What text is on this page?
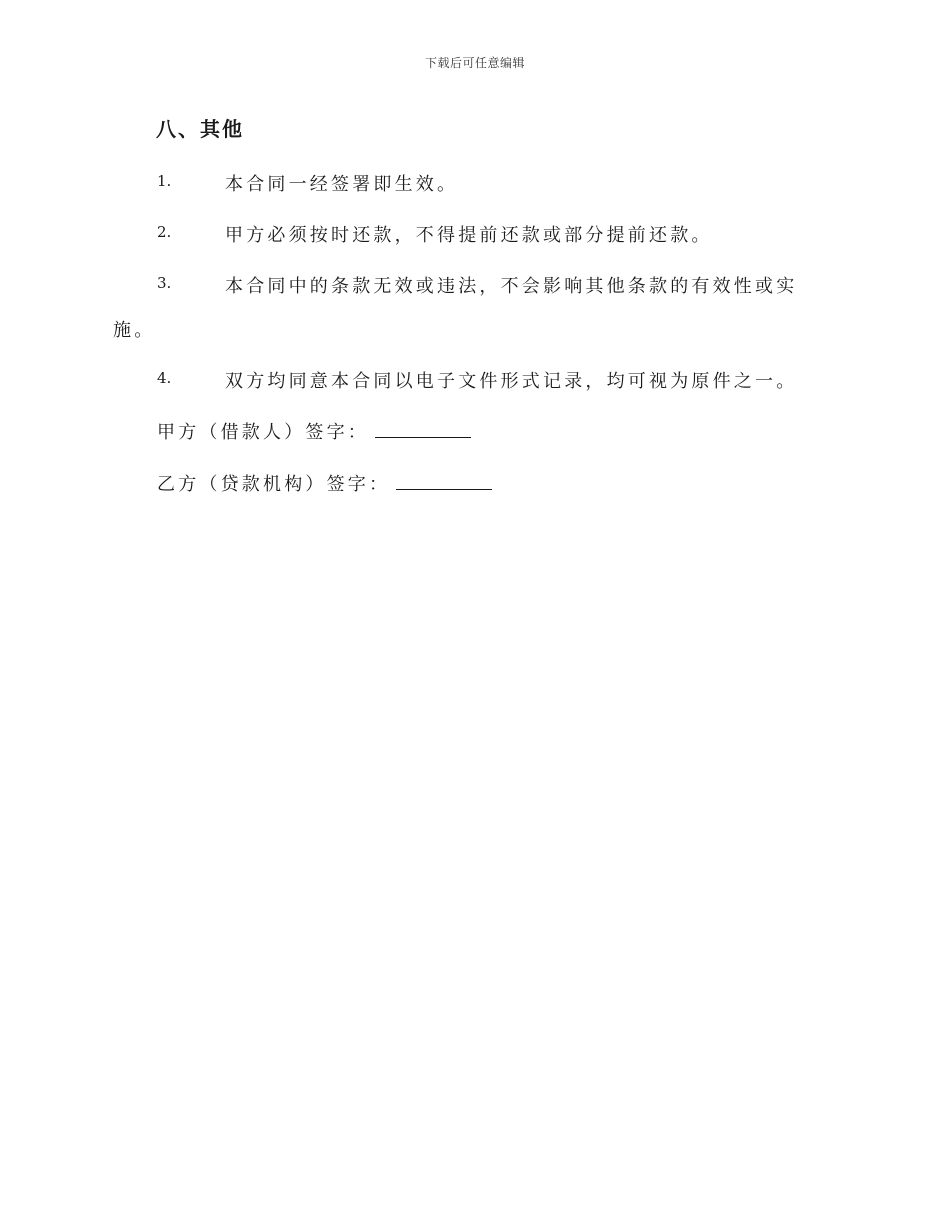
下载后可任意编辑
八、其他
1.	本合同一经签署即生效。
2.	甲方必须按时还款，不得提前还款或部分提前还款。
3.	本合同中的条款无效或违法，不会影响其他条款的有效性或实
施。
4.	双方均同意本合同以电子文件形式记录，均可视为原件之一。
甲方（借款人）签字：
乙方（贷款机构）签字：
